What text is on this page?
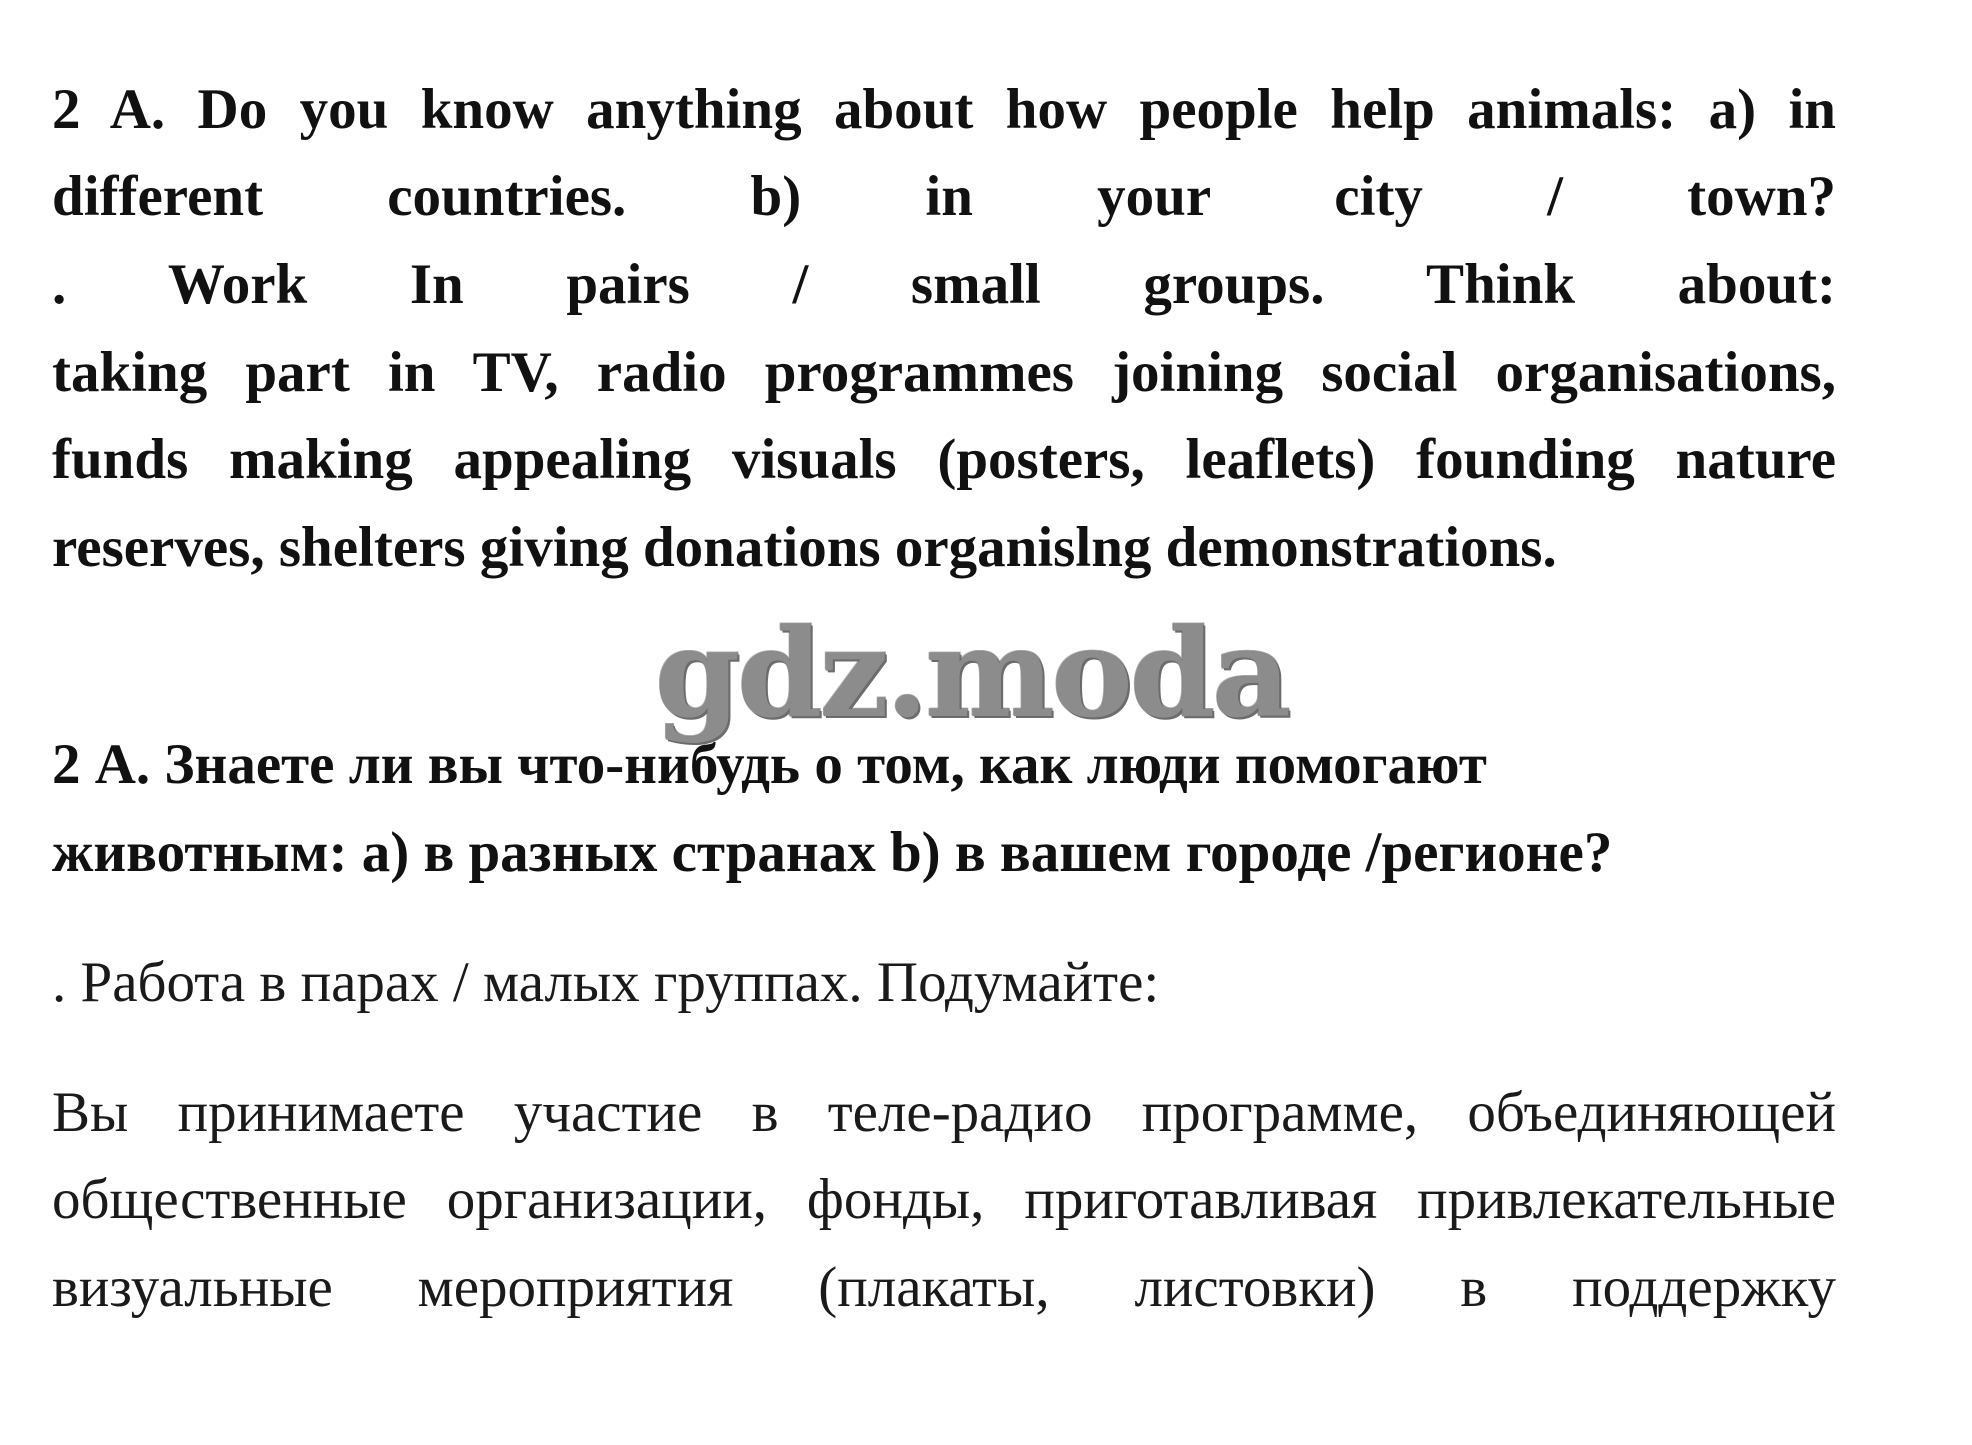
2 A. Do you know anything about how people help animals: a) in
different countries. b) in your city / town?
. Work In pairs / small groups. Think about:
taking part in TV, radio programmes joining social organisations,
funds making appealing visuals (posters, leaflets) founding nature
reserves, shelters giving donations organislng demonstrations.
gdz.moda
2 А. Знаете ли вы что-нибудь о том, как люди помогают
животным: а) в разных странах b) в вашем городе /регионе?
. Работа в парах / малых группах. Подумайте:
Вы принимаете участие в теле-радио программе, объединяющей
общественные организации, фонды, приготавливая привлекательные
визуальные мероприятия (плакаты, листовки) в поддержку
